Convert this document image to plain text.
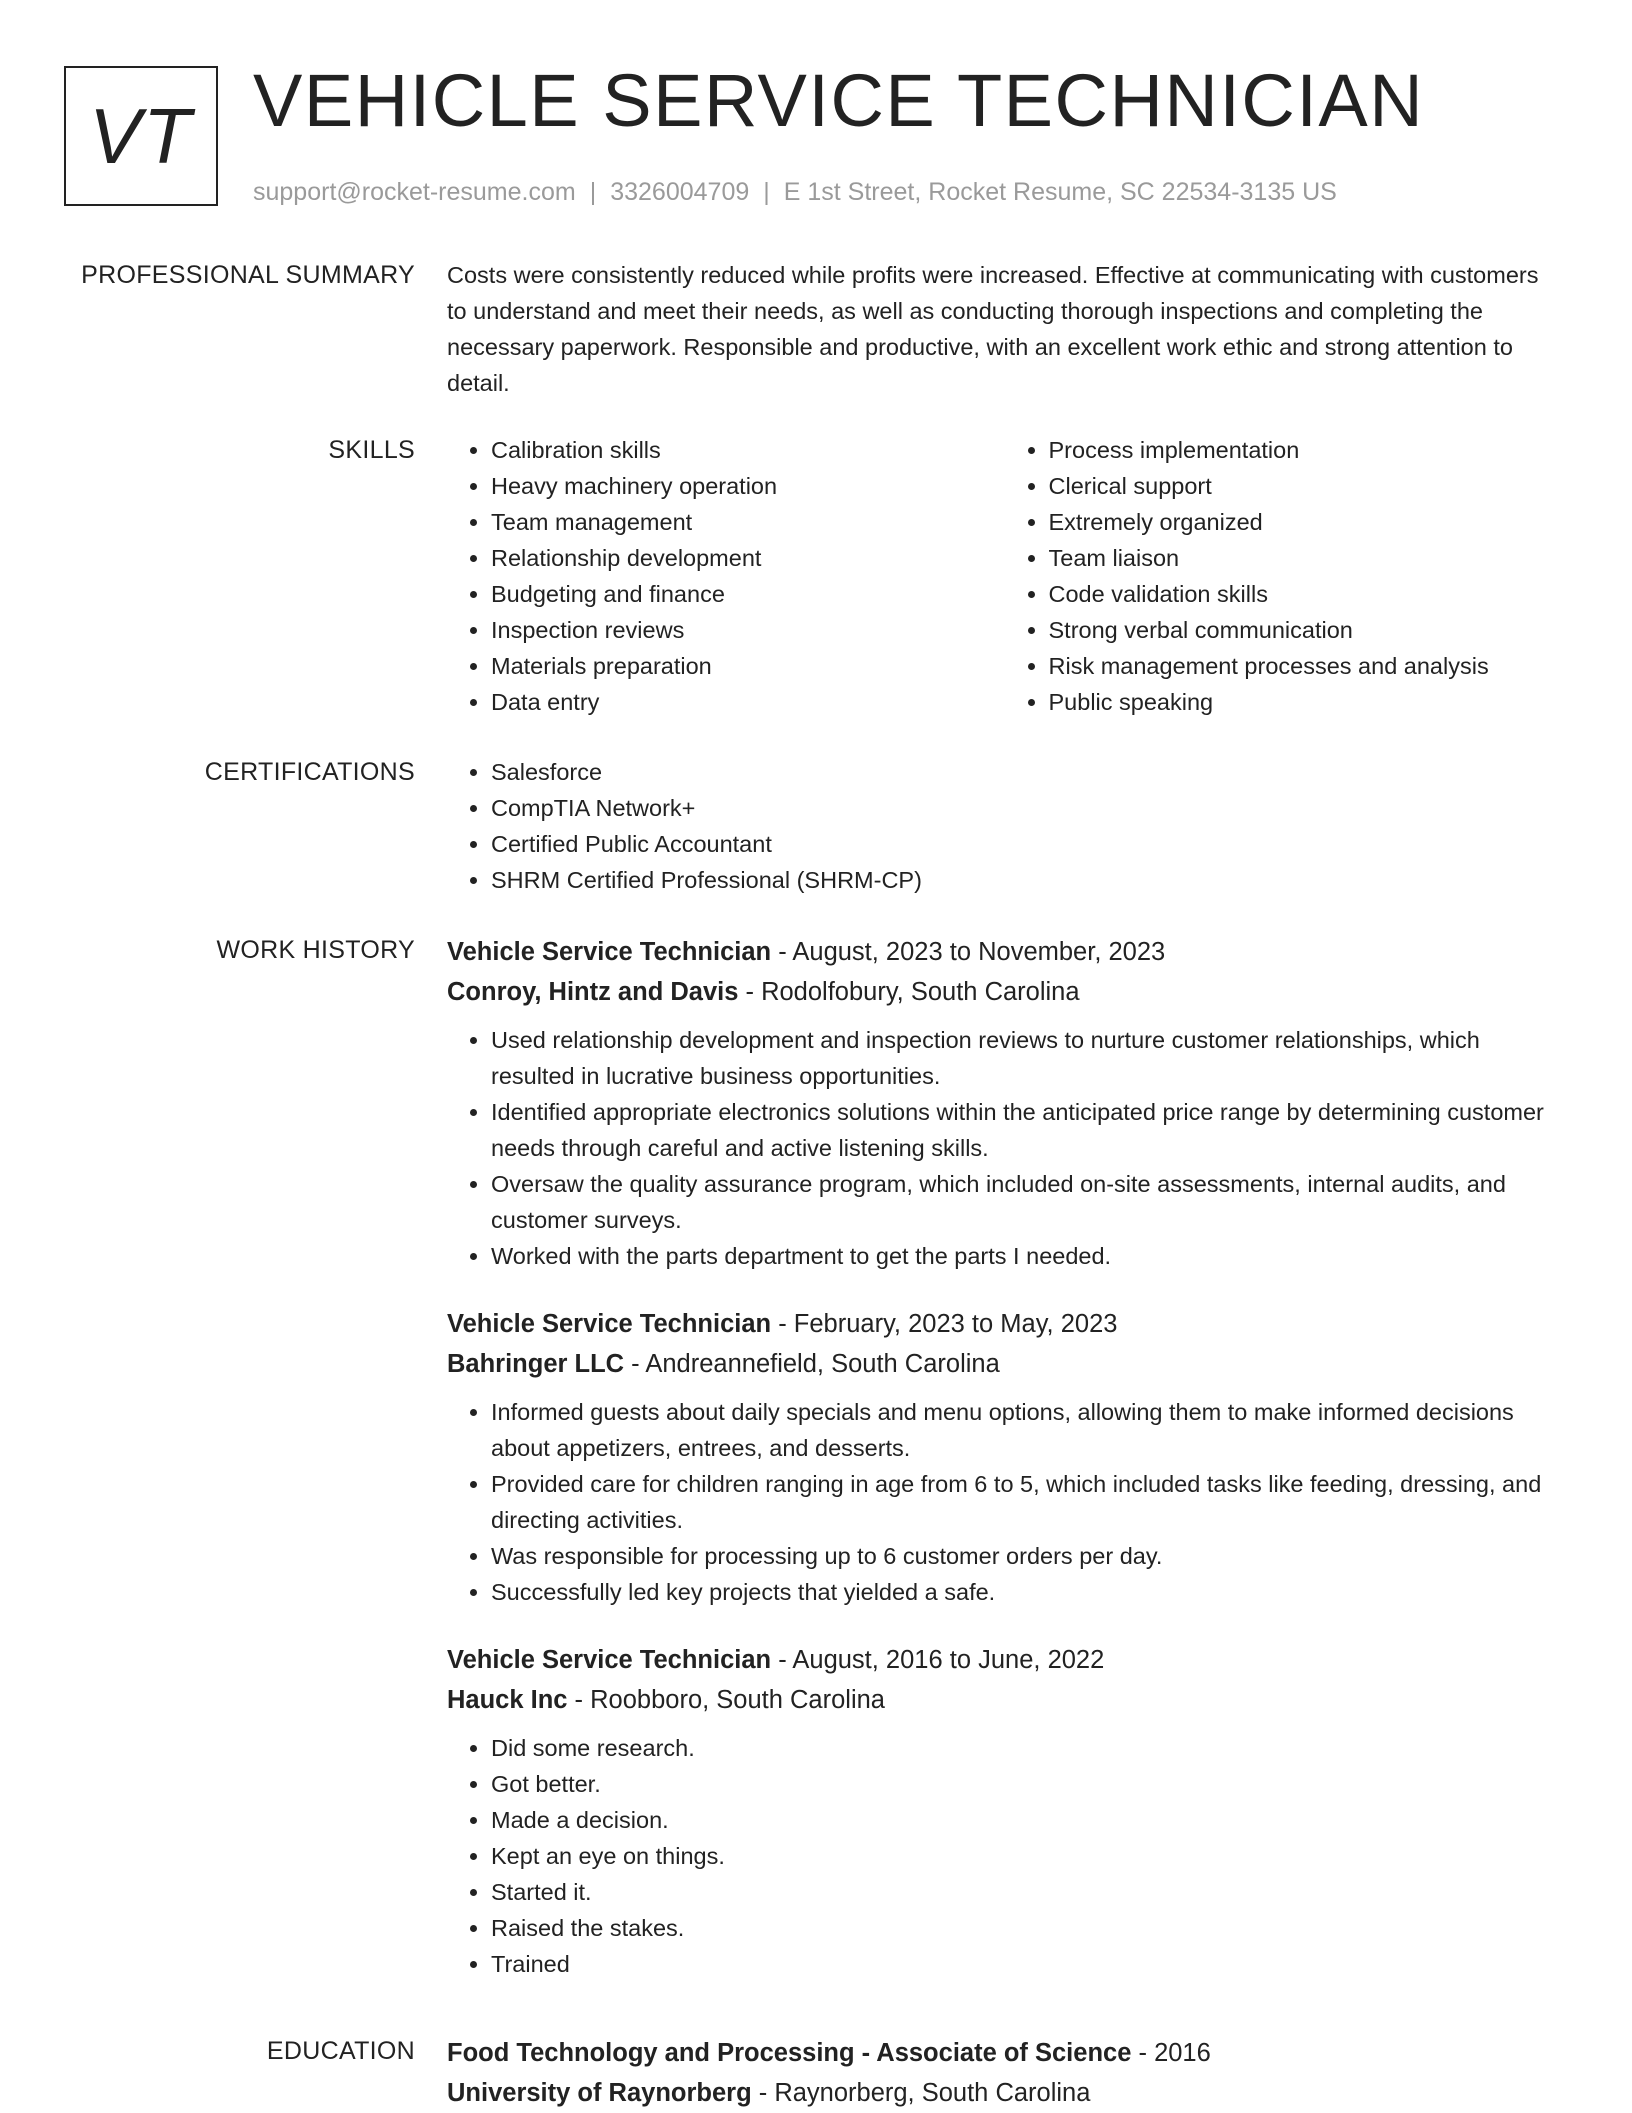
VT VEHICLE SERVICE TECHNICIAN
support@rocket-resume.com | 3326004709 | E 1st Street, Rocket Resume, SC 22534-3135 US
PROFESSIONAL SUMMARY Costs were consistently reduced while profits were increased. Effective at communicating with customers to understand and meet their needs, as well as conducting thorough inspections and completing the necessary paperwork. Responsible and productive, with an excellent work ethic and strong attention to detail.

SKILLS	• Calibration skills
• Heavy machinery operation
• Team management
• Relationship development
• Budgeting and finance
• Inspection reviews
• Materials preparation
• Data entry
• Process implementation
• Clerical support
• Extremely organized
• Team liaison
• Code validation skills
• Strong verbal communication
• Risk management processes and analysis
• Public speaking
CERTIFICATIONS	• Salesforce
• CompTIA Network+
• Certified Public Accountant
• SHRM Certified Professional (SHRM-CP)
WORK HISTORY Vehicle Service Technician - August, 2023 to November, 2023
Conroy, Hintz and Davis - Rodolfobury, South Carolina
• Used relationship development and inspection reviews to nurture customer relationships, which resulted in lucrative business opportunities.
• Identified appropriate electronics solutions within the anticipated price range by determining customer needs through careful and active listening skills.
• Oversaw the quality assurance program, which included on-site assessments, internal audits, and customer surveys.
• Worked with the parts department to get the parts I needed.
Vehicle Service Technician - February, 2023 to May, 2023
Bahringer LLC - Andreannefield, South Carolina
• Informed guests about daily specials and menu options, allowing them to make informed decisions about appetizers, entrees, and desserts.
• Provided care for children ranging in age from 6 to 5, which included tasks like feeding, dressing, and directing activities.
• Was responsible for processing up to 6 customer orders per day.
• Successfully led key projects that yielded a safe.
Vehicle Service Technician - August, 2016 to June, 2022
Hauck Inc - Roobboro, South Carolina
• Did some research.
• Got better.
• Made a decision.
• Kept an eye on things.
• Started it.
• Raised the stakes.
• Trained
EDUCATION Food Technology and Processing - Associate of Science - 2016
University of Raynorberg - Raynorberg, South Carolina
